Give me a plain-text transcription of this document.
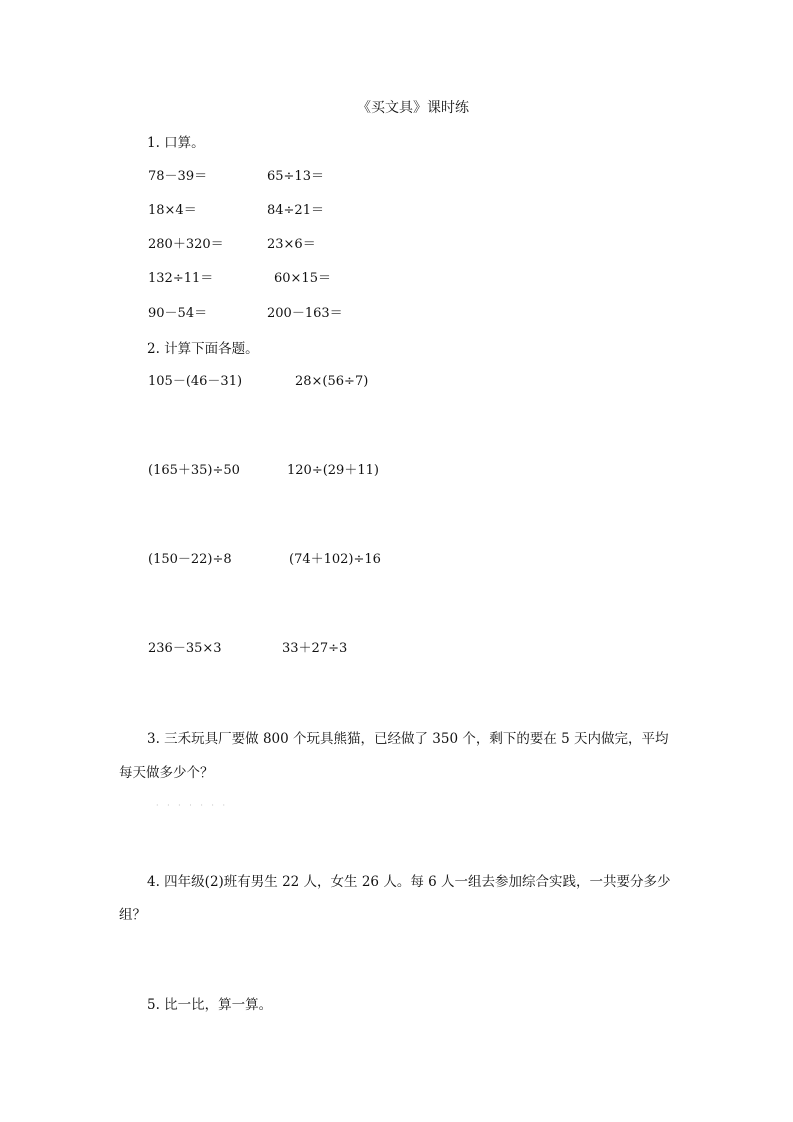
《买文具》课时练
1. 口算。
78－39＝	65÷13＝
18×4＝	84÷21＝
280＋320＝	23×6＝
132÷11＝	60×15＝
90－54＝	200－163＝
2. 计算下面各题。
105－(46－31)	28×(56÷7)
(165＋35)÷50	120÷(29＋11)
(150－22)÷8	(74＋102)÷16
236－35×3	33＋27÷3
3. 三禾玩具厂要做 800 个玩具熊猫，已经做了 350 个，剩下的要在 5 天内做完，平均
每天做多少个？
· · · · · · ·
4. 四年级(2)班有男生 22 人，女生 26 人。每 6 人一组去参加综合实践，一共要分多少
组？
5. 比一比，算一算。
